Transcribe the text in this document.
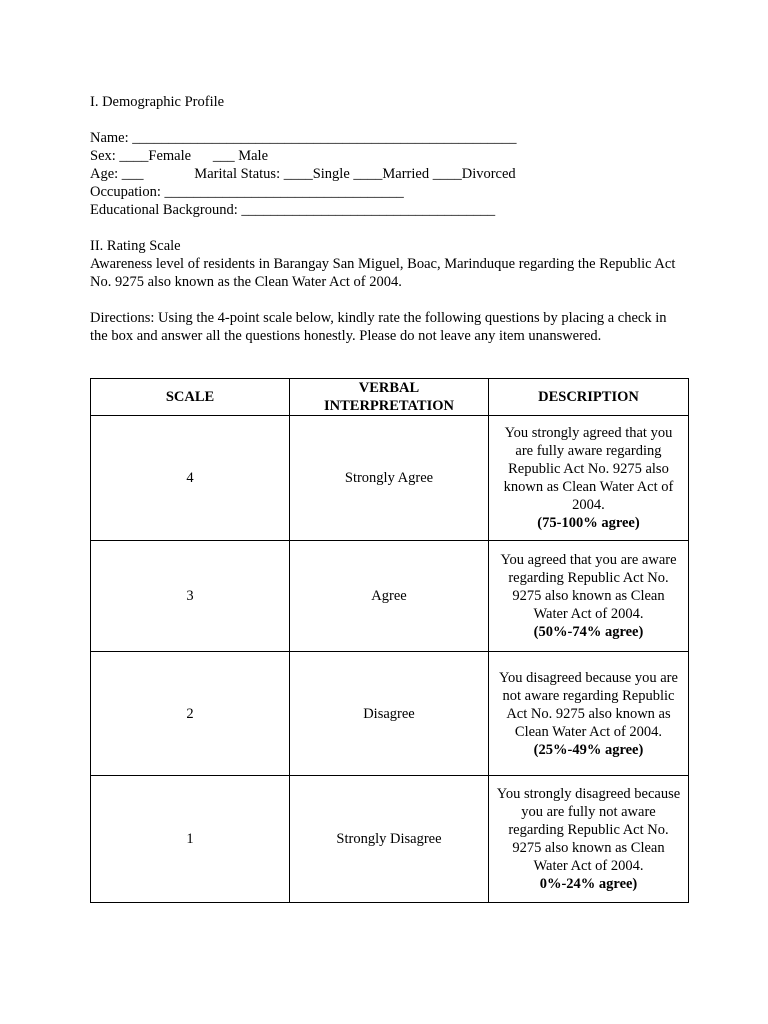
I. Demographic Profile
Name: _____________________________________________________
Sex: ____Female      ___ Male
Age: ___              Marital Status: ____Single ____Married ____Divorced
Occupation: _________________________________
Educational Background: ___________________________________
II. Rating Scale
Awareness level of residents in Barangay San Miguel, Boac, Marinduque regarding the Republic Act No. 9275 also known as the Clean Water Act of 2004.
Directions: Using the 4-point scale below, kindly rate the following questions by placing a check in the box and answer all the questions honestly. Please do not leave any item unanswered.
SCALE	VERBAL INTERPRETATION	DESCRIPTION
4	Strongly Agree	You strongly agreed that you are fully aware regarding Republic Act No. 9275 also known as Clean Water Act of 2004.
(75-100% agree)

3	Agree	You agreed that you are aware regarding Republic Act No. 9275 also known as Clean Water Act of 2004.
(50%-74% agree)

2	Disagree	You disagreed because you are not aware regarding Republic Act No. 9275 also known as Clean Water Act of 2004.
(25%-49% agree)

1	Strongly Disagree	You strongly disagreed because you are fully not aware regarding Republic Act No. 9275 also known as Clean Water Act of 2004.
0%-24% agree)
